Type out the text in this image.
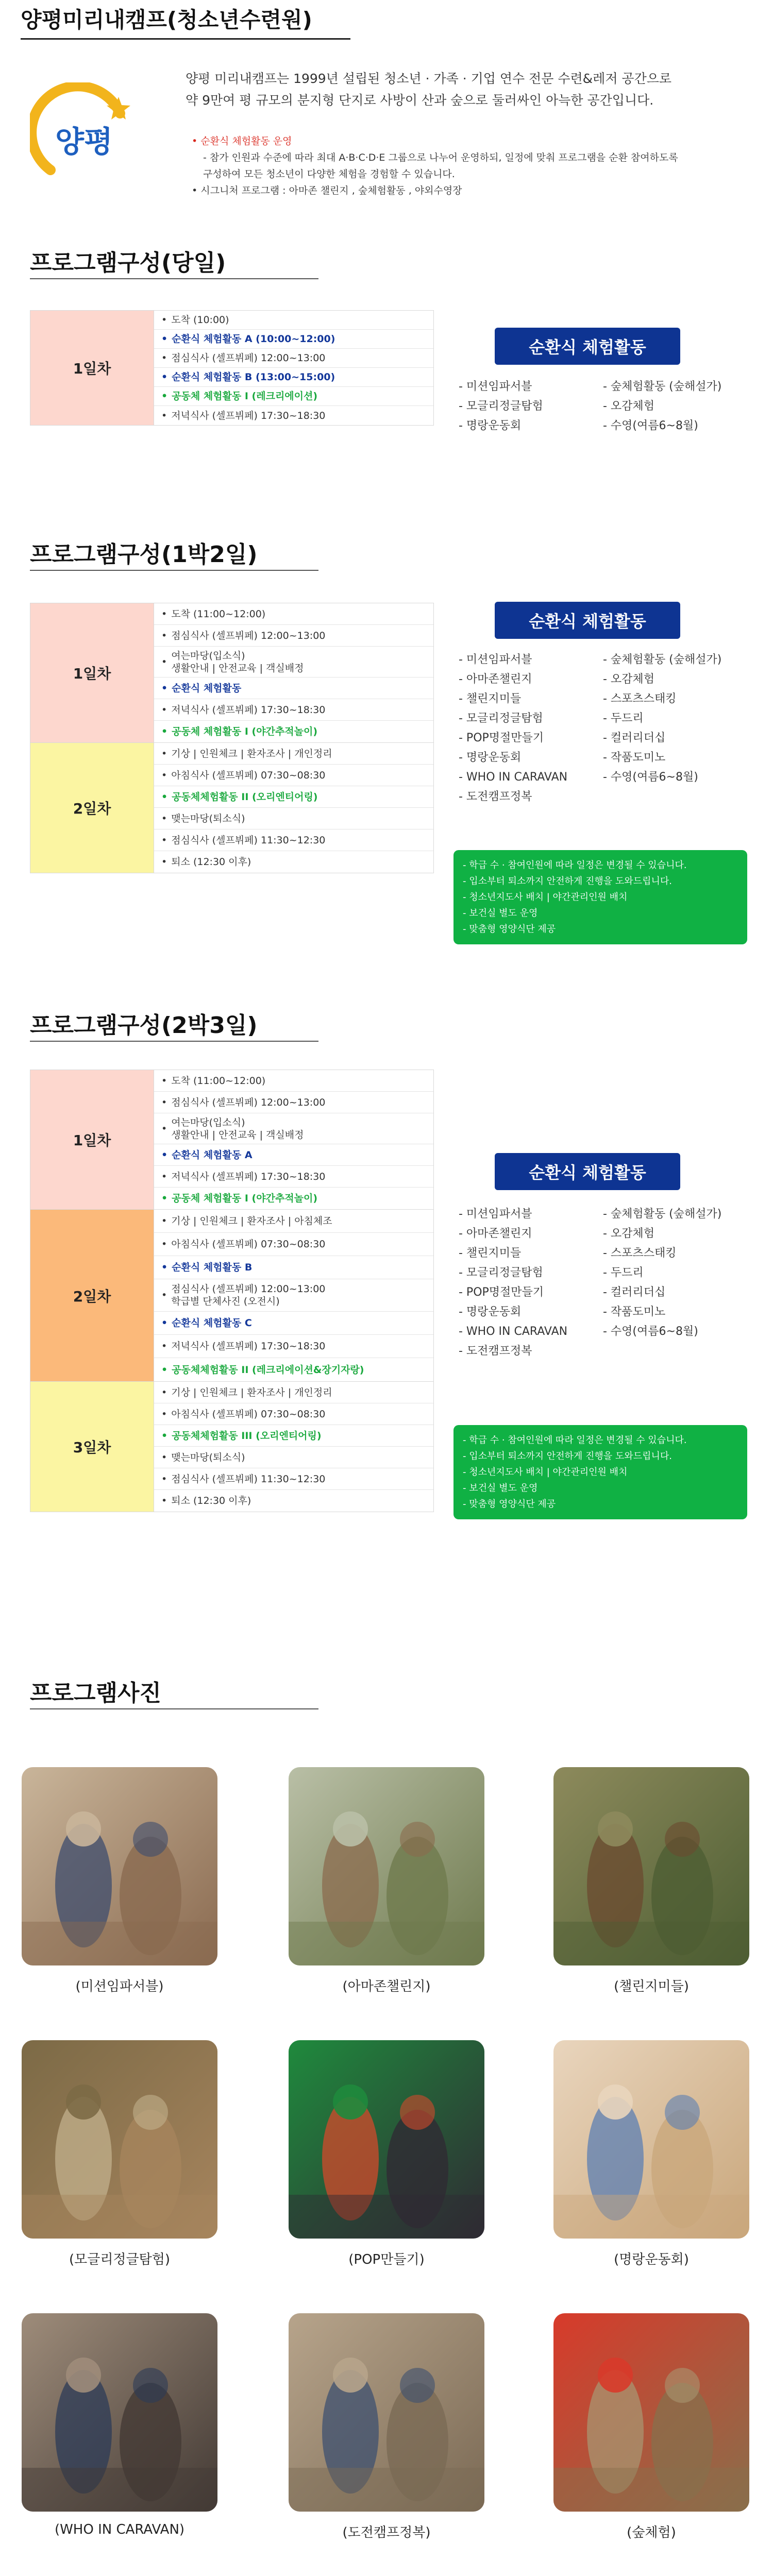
양평미리내캠프(청소년수련원)
양평
양평 미리내캠프는 1999년 설립된 청소년 · 가족 · 기업 연수 전문 수련&레저 공간으로
약 9만여 평 규모의 분지형 단지로 사방이 산과 숲으로 둘러싸인 아늑한 공간입니다.
• 순환식 체험활동 운영
- 참가 인원과 수준에 따라 최대 A·B·C·D·E 그룹으로 나누어 운영하되, 일정에 맞춰 프로그램을 순환 참여하도록
구성하여 모든 청소년이 다양한 체험을 경험할 수 있습니다.
• 시그니처 프로그램 : 아마존 챌린지 , 숲체험활동 , 야외수영장
프로그램구성(당일)
1일차
• 도착 (10:00)
• 순환식 체험활동 A (10:00~12:00)
• 점심식사 (셀프뷔페) 12:00~13:00
• 순환식 체험활동 B (13:00~15:00)
• 공동체 체험활동 I (레크리에이션)
• 저녁식사 (셀프뷔페) 17:30~18:30
순환식 체험활동
- 미션임파서블	- 숲체험활동 (숲해설가)
- 모글리정글탐험	- 오감체험
- 명랑운동회	- 수영(여름6~8월)
프로그램구성(1박2일)
1일차
• 도착 (11:00~12:00)
• 점심식사 (셀프뷔페) 12:00~13:00
•
여는마당(입소식)
생활안내 | 안전교육 | 객실배정
• 순환식 체험활동
• 저녁식사 (셀프뷔페) 17:30~18:30
• 공동체 체험활동 I (야간추적놀이)
2일차
• 기상 | 인원체크 | 환자조사 | 개인정리
• 아침식사 (셀프뷔페) 07:30~08:30
• 공동체체험활동 II (오리엔티어링)
• 맺는마당(퇴소식)
• 점심식사 (셀프뷔페) 11:30~12:30
• 퇴소 (12:30 이후)
순환식 체험활동
- 미션임파서블	- 숲체험활동 (숲해설가)
- 아마존챌린지	- 오감체험
- 챌린지미들	- 스포츠스태킹
- 모글리정글탐험	- 두드리
- POP명절만들기	- 컬러리더십
- 명랑운동회	- 작품도미노
- WHO IN CARAVAN	- 수영(여름6~8월)
- 도전캠프정복
- 학급 수 · 참여인원에 따라 일정은 변경될 수 있습니다.
- 입소부터 퇴소까지 안전하게 진행을 도와드립니다.
- 청소년지도사 배치 | 야간관리인원 배치
- 보건실 별도 운영
- 맞춤형 영양식단 제공
프로그램구성(2박3일)
1일차
• 도착 (11:00~12:00)
• 점심식사 (셀프뷔페) 12:00~13:00
•
여는마당(입소식)
생활안내 | 안전교육 | 객실배정
• 순환식 체험활동 A
• 저녁식사 (셀프뷔페) 17:30~18:30
• 공동체 체험활동 I (야간추적놀이)
2일차
• 기상 | 인원체크 | 환자조사 | 아침체조
• 아침식사 (셀프뷔페) 07:30~08:30
• 순환식 체험활동 B
•
점심식사 (셀프뷔페) 12:00~13:00
학급별 단체사진 (오전시)
• 순환식 체험활동 C
• 저녁식사 (셀프뷔페) 17:30~18:30
• 공동체체험활동 II (레크리에이션&장기자랑)
3일차
• 기상 | 인원체크 | 환자조사 | 개인정리
• 아침식사 (셀프뷔페) 07:30~08:30
• 공동체체험활동 III (오리엔티어링)
• 맺는마당(퇴소식)
• 점심식사 (셀프뷔페) 11:30~12:30
• 퇴소 (12:30 이후)
순환식 체험활동
- 미션임파서블	- 숲체험활동 (숲해설가)
- 아마존챌린지	- 오감체험
- 챌린지미들	- 스포츠스태킹
- 모글리정글탐험	- 두드리
- POP명절만들기	- 컬러리더십
- 명랑운동회	- 작품도미노
- WHO IN CARAVAN	- 수영(여름6~8월)
- 도전캠프정복
- 학급 수 · 참여인원에 따라 일정은 변경될 수 있습니다.
- 입소부터 퇴소까지 안전하게 진행을 도와드립니다.
- 청소년지도사 배치 | 야간관리인원 배치
- 보건실 별도 운영
- 맞춤형 영양식단 제공
프로그램사진
(미션임파서블)	(아마존챌린지)	(챌린지미들)
(모글리정글탐험)	(POP만들기)	(명랑운동회)
(WHO IN CARAVAN)	(도전캠프정복)	(숲체험)
